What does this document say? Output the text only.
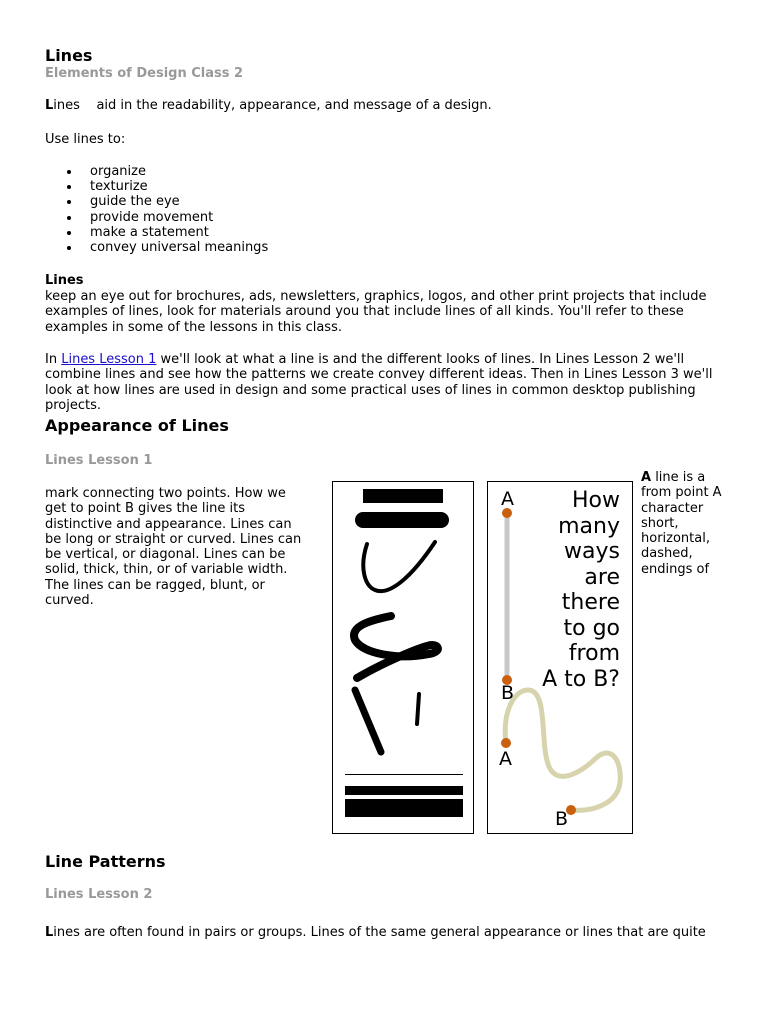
Lines
Elements of Design Class 2
Lines    aid in the readability, appearance, and message of a design.
Use lines to:
organize
texturize
guide the eye
provide movement
make a statement
convey universal meanings
Lines
keep an eye out for brochures, ads, newsletters, graphics, logos, and other print projects that include examples of lines, look for materials around you that include lines of all kinds. You'll refer to these examples in some of the lessons in this class.
In Lines Lesson 1 we'll look at what a line is and the different looks of lines. In Lines Lesson 2 we'll combine lines and see how the patterns we create convey different ideas. Then in Lines Lesson 3 we'll look at how lines are used in design and some practical uses of lines in common desktop publishing projects.
Appearance of Lines
Lines Lesson 1
mark connecting two points. How we get to point B gives the line its distinctive and appearance. Lines can be long or straight or curved. Lines can be vertical, or diagonal. Lines can be solid, thick, thin, or of variable width. The lines can be ragged, blunt, or curved.
A line is a from point A character short, horizontal, dashed, endings of
How
many
ways
are
there
to go
from
A to B?
A
B
A
B
Line Patterns
Lines Lesson 2
Lines are often found in pairs or groups. Lines of the same general appearance or lines that are quite
